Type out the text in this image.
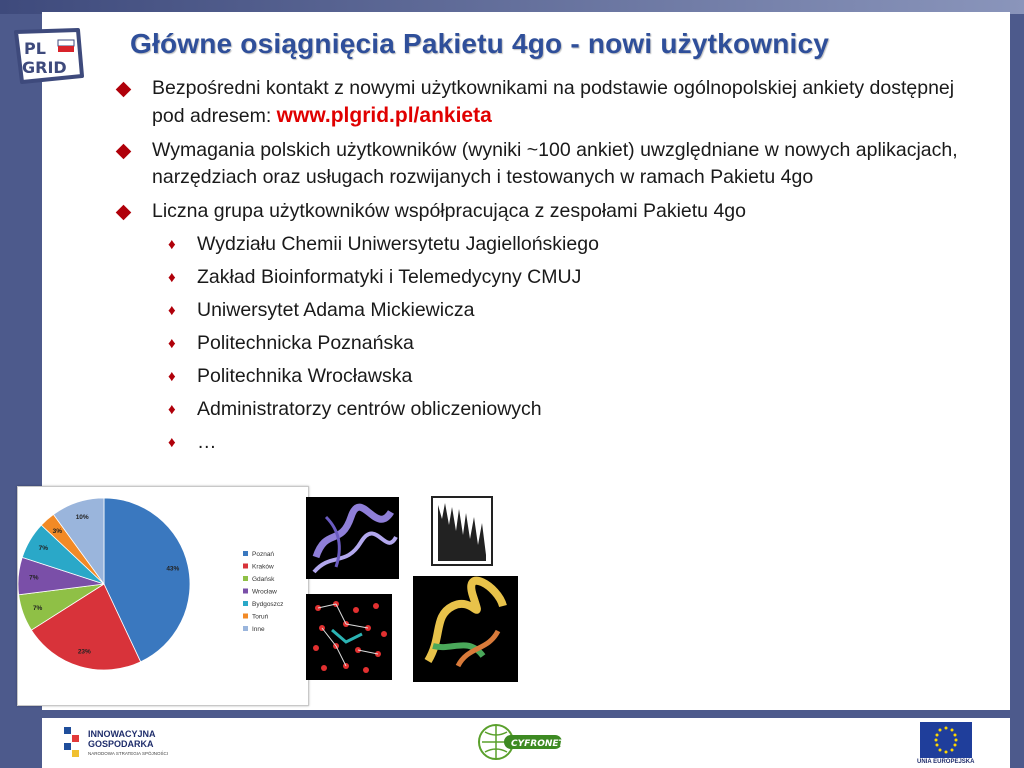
PL
GRID
Główne osiągnięcia Pakietu 4go - nowi użytkownicy
Bezpośredni kontakt z nowymi użytkownikami na podstawie ogólnopolskiej ankiety dostępnej pod adresem: www.plgrid.pl/ankieta
Wymagania polskich użytkowników (wyniki ~100 ankiet) uwzględniane w nowych aplikacjach, narzędziach oraz usługach rozwijanych i testowanych w ramach Pakietu 4go
Liczna grupa użytkowników współpracująca z zespołami Pakietu 4go
♦ Wydziału Chemii Uniwersytetu Jagiellońskiego
♦ Zakład Bioinformatyki i Telemedycyny CMUJ
♦ Uniwersytet Adama Mickiewicza
♦ Politechnicka Poznańska
♦ Politechnika Wrocławska
♦ Administratorzy centrów obliczeniowych
♦ …
43%
23%
7%
7%
7%
3%
10%
Poznań
Kraków
Gdańsk
Wrocław
Bydgoszcz
Toruń
Inne
INNOWACYJNA
GOSPODARKA
NARODOWA STRATEGIA SPÓJNOŚCI
CYFRONET
UNIA EUROPEJSKA
